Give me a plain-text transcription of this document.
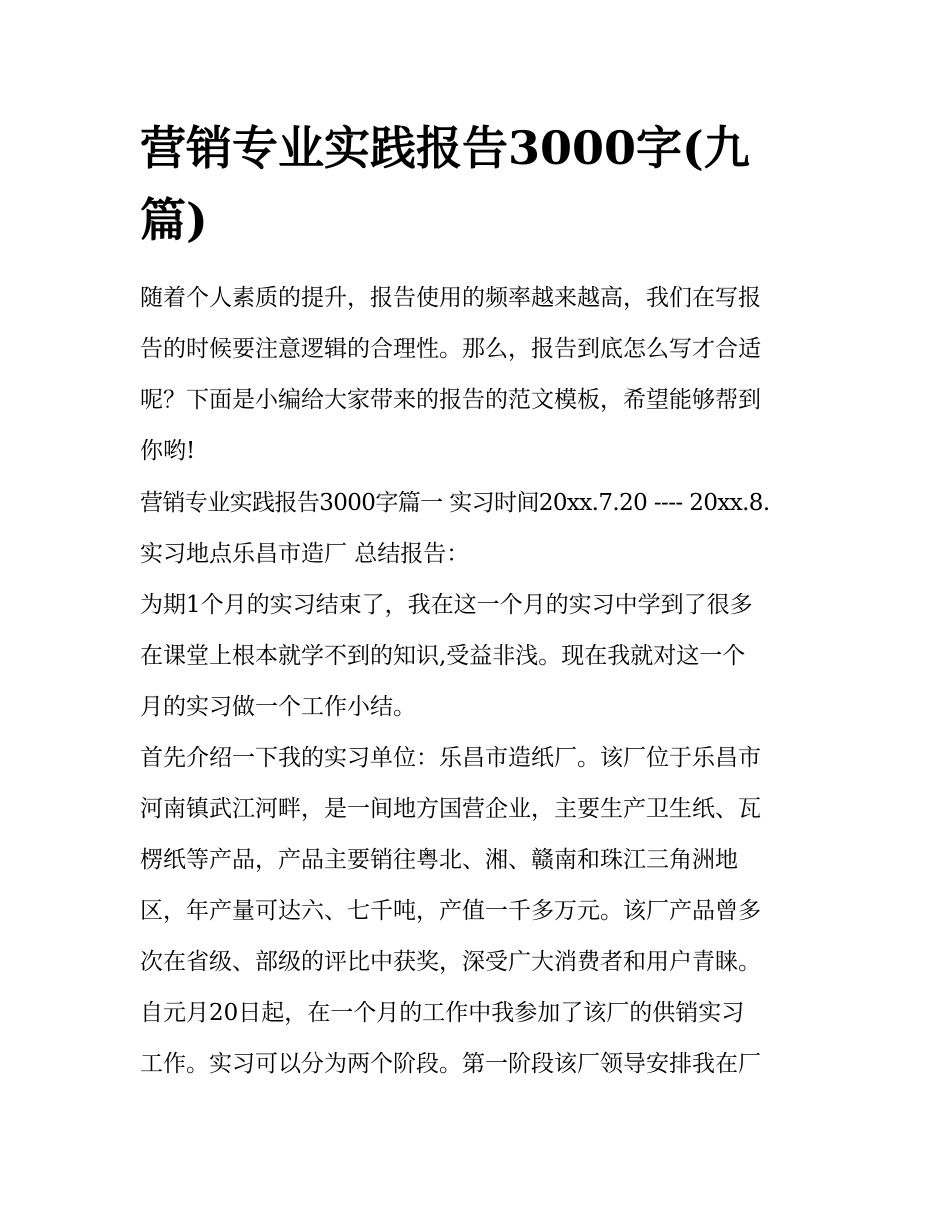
营销专业实践报告3000字(九
篇)

随着个人素质的提升，报告使用的频率越来越高，我们在写报

告的时候要注意逻辑的合理性。那么，报告到底怎么写才合适

呢？下面是小编给大家带来的报告的范文模板，希望能够帮到

你哟!

营销专业实践报告3000字篇一 实习时间20xx.7.20 ---- 20xx.8.

实习地点乐昌市造厂 总结报告：

为期1个月的实习结束了，我在这一个月的实习中学到了很多

在课堂上根本就学不到的知识,受益非浅。现在我就对这一个

月的实习做一个工作小结。

首先介绍一下我的实习单位：乐昌市造纸厂。该厂位于乐昌市

河南镇武江河畔，是一间地方国营企业，主要生产卫生纸、瓦

楞纸等产品，产品主要销往粤北、湘、赣南和珠江三角洲地

区，年产量可达六、七千吨，产值一千多万元。该厂产品曾多

次在省级、部级的评比中获奖，深受广大消费者和用户青睐。

自元月20日起，在一个月的工作中我参加了该厂的供销实习

工作。实习可以分为两个阶段。第一阶段该厂领导安排我在厂
